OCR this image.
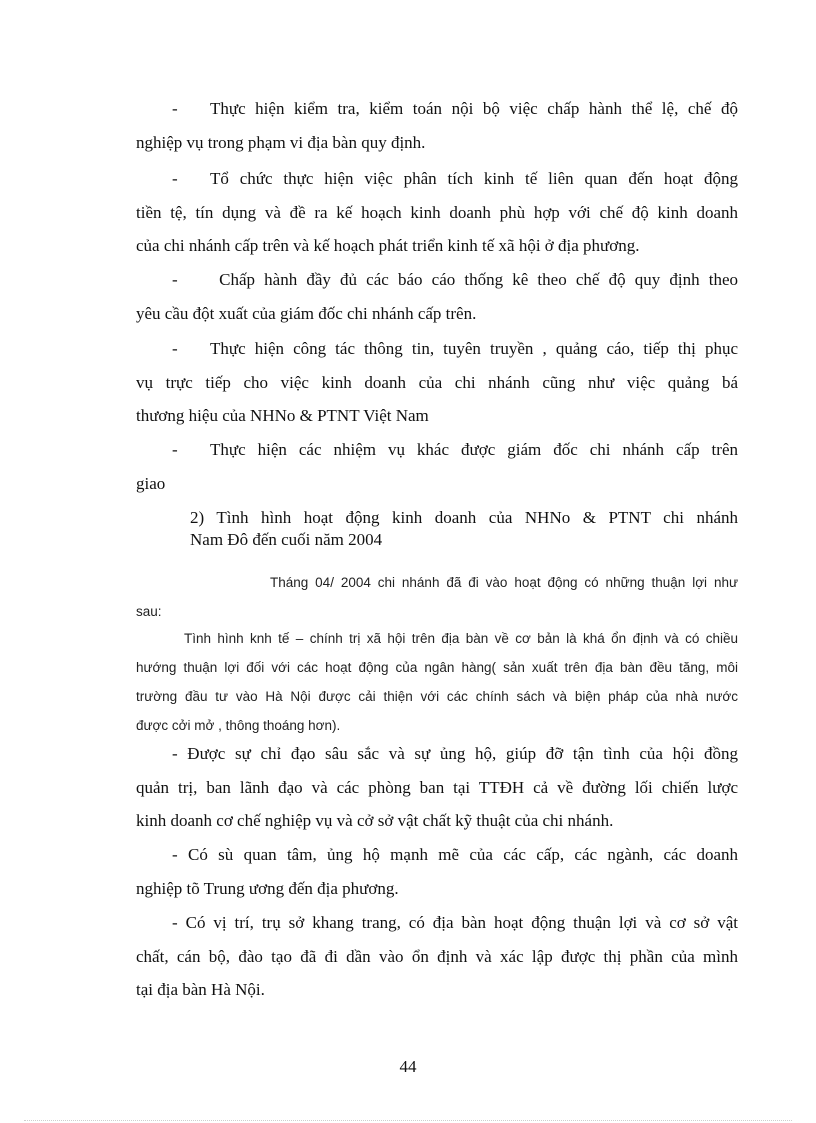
- Thực hiện kiểm tra, kiểm toán nội bộ việc chấp hành thể lệ, chế độ
nghiệp vụ trong phạm vi địa bàn quy định.

- Tổ chức thực hiện việc phân tích kinh tế liên quan đến hoạt động
tiền tệ, tín dụng và đề ra kế hoạch kinh doanh phù hợp với chế độ kinh doanh
của chi nhánh cấp trên và kế hoạch phát triển kinh tế xã hội ở địa phương.

- Chấp hành đầy đủ các báo cáo thống kê theo chế độ quy định theo
yêu cầu đột xuất của giám đốc chi nhánh cấp trên.

- Thực hiện công tác thông tin, tuyên truyền , quảng cáo, tiếp thị phục
vụ trực tiếp cho việc kinh doanh của chi nhánh cũng như việc quảng bá
thương hiệu của NHNo & PTNT Việt Nam

- Thực hiện các nhiệm vụ khác được giám đốc chi nhánh cấp trên
giao

2) Tình hình hoạt động kinh doanh của NHNo & PTNT chi nhánh
Nam Đô đến cuối năm 2004

Tháng 04/ 2004 chi nhánh đã đi vào hoạt động có những thuận lợi như
sau:

Tình hình knh tế – chính trị xã hội trên địa bàn về cơ bản là khá ổn định và có chiều
hướng thuận lợi đối với các hoạt động của ngân hàng( sản xuất trên địa bàn đều tăng, môi
trường đầu tư vào Hà Nội được cải thiện với các chính sách và biện pháp của nhà nước
được cởi mở , thông thoáng hơn).

- Được sự chỉ đạo sâu sắc và sự ủng hộ, giúp đỡ tận tình của hội đồng
quản trị, ban lãnh đạo và các phòng ban tại TTĐH cả về đường lối chiến lược
kinh doanh cơ chế nghiệp vụ và cở sở vật chất kỹ thuật của chi nhánh.

- Có sù quan tâm, ủng hộ mạnh mẽ của các cấp, các ngành, các doanh
nghiệp tõ Trung ương đến địa phương.

- Có vị trí, trụ sở khang trang, có địa bàn hoạt động thuận lợi và cơ sở vật
chất, cán bộ, đào tạo đã đi dần vào ổn định và xác lập được thị phần của mình
tại địa bàn Hà Nội.

44
